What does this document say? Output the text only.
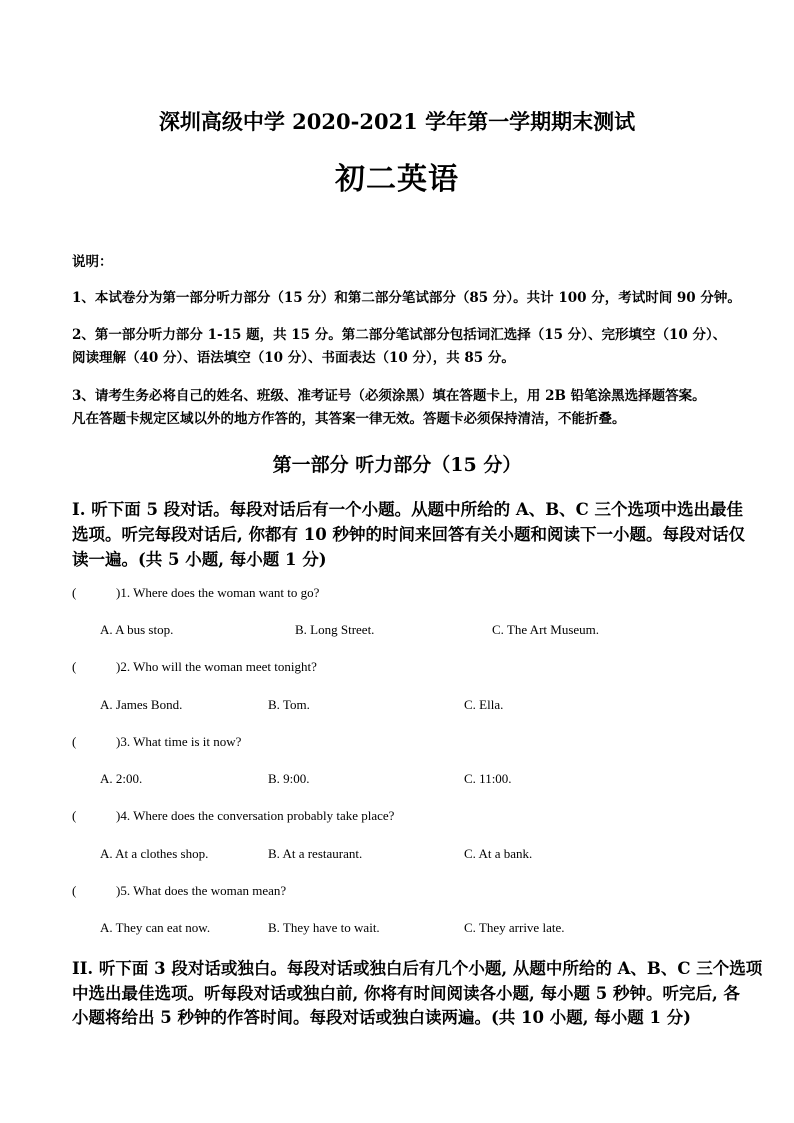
深圳高级中学 2020-2021 学年第一学期期末测试
初二英语
说明：
1、本试卷分为第一部分听力部分（15 分）和第二部分笔试部分（85 分）。共计 100 分，考试时间 90 分钟。
2、第一部分听力部分 1-15 题，共 15 分。第二部分笔试部分包括词汇选择（15 分）、完形填空（10 分）、
阅读理解（40 分）、语法填空（10 分）、书面表达（10 分），共 85 分。
3、请考生务必将自己的姓名、班级、准考证号（必须涂黑）填在答题卡上，用 2B 铅笔涂黑选择题答案。
凡在答题卡规定区域以外的地方作答的，其答案一律无效。答题卡必须保持清洁，不能折叠。
第一部分 听力部分（15 分）
I. 听下面 5 段对话。每段对话后有一个小题。从题中所给的 A、B、C 三个选项中选出最佳
选项。听完每段对话后, 你都有 10 秒钟的时间来回答有关小题和阅读下一小题。每段对话仅
读一遍。(共 5 小题, 每小题 1 分)
(	)1. Where does the woman want to go?
A. A bus stop.	B. Long Street.	C. The Art Museum.
(	)2. Who will the woman meet tonight?
A. James Bond.	B. Tom.	C. Ella.
(	)3. What time is it now?
A. 2:00.	B. 9:00.	C. 11:00.
(	)4. Where does the conversation probably take place?
A. At a clothes shop.	B. At a restaurant.	C. At a bank.
(	)5. What does the woman mean?
A. They can eat now.	B. They have to wait.	C. They arrive late.
II. 听下面 3 段对话或独白。每段对话或独白后有几个小题, 从题中所给的 A、B、C 三个选项
中选出最佳选项。听每段对话或独白前, 你将有时间阅读各小题, 每小题 5 秒钟。听完后, 各
小题将给出 5 秒钟的作答时间。每段对话或独白读两遍。(共 10 小题, 每小题 1 分)
